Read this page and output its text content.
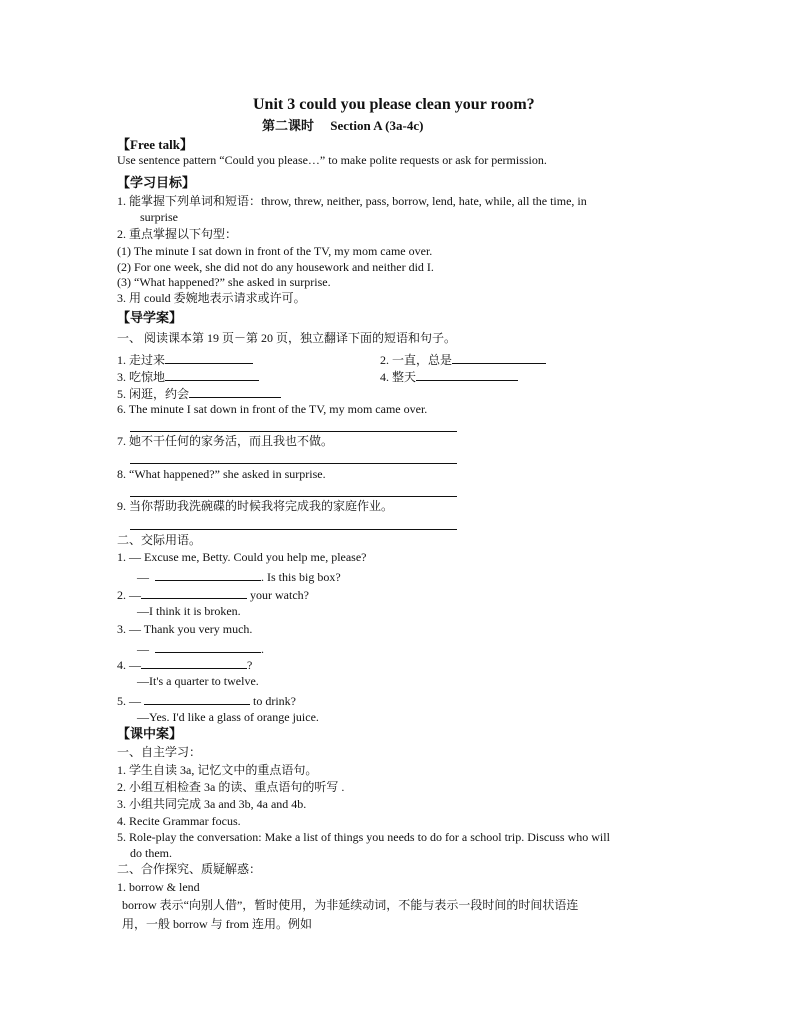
Unit 3 could you please clean your room?
第二课时 Section A (3a-4c)
【Free talk】
Use sentence pattern “Could you please…” to make polite requests or ask for permission.
【学习目标】
1. 能掌握下列单词和短语：throw, threw, neither, pass, borrow, lend, hate, while, all the time, in
surprise
2. 重点掌握以下句型：
(1) The minute I sat down in front of the TV, my mom came over.
(2) For one week, she did not do any housework and neither did I.
(3) “What happened?” she asked in surprise.
3. 用 could 委婉地表示请求或许可。
【导学案】
一、 阅读课本第 19 页－第 20 页，独立翻译下面的短语和句子。
1. 走过来	2. 一直，总是
3. 吃惊地	4. 整天
5. 闲逛，约会
6. The minute I sat down in front of the TV, my mom came over.
7. 她不干任何的家务活，而且我也不做。
8. “What happened?” she asked in surprise.
9. 当你帮助我洗碗碟的时候我将完成我的家庭作业。
二、交际用语。
1. — Excuse me, Betty. Could you help me, please?
—	. Is this big box?
2. —	your watch?
—I think it is broken.
3. — Thank you very much.
—	.
4. —	?
—It's a quarter to twelve.
5. —	to drink?
—Yes. I'd like a glass of orange juice.
【课中案】
一、自主学习：
1. 学生自读 3a, 记忆文中的重点语句。
2. 小组互相检查 3a 的读、重点语句的听写 .
3. 小组共同完成 3a and 3b, 4a and 4b.
4. Recite Grammar focus.
5. Role-play the conversation: Make a list of things you needs to do for a school trip. Discuss who will
do them.
二、合作探究、质疑解惑：
1. borrow & lend
borrow 表示“向别人借”，暂时使用，为非延续动词，不能与表示一段时间的时间状语连
用，一般 borrow 与 from 连用。例如
